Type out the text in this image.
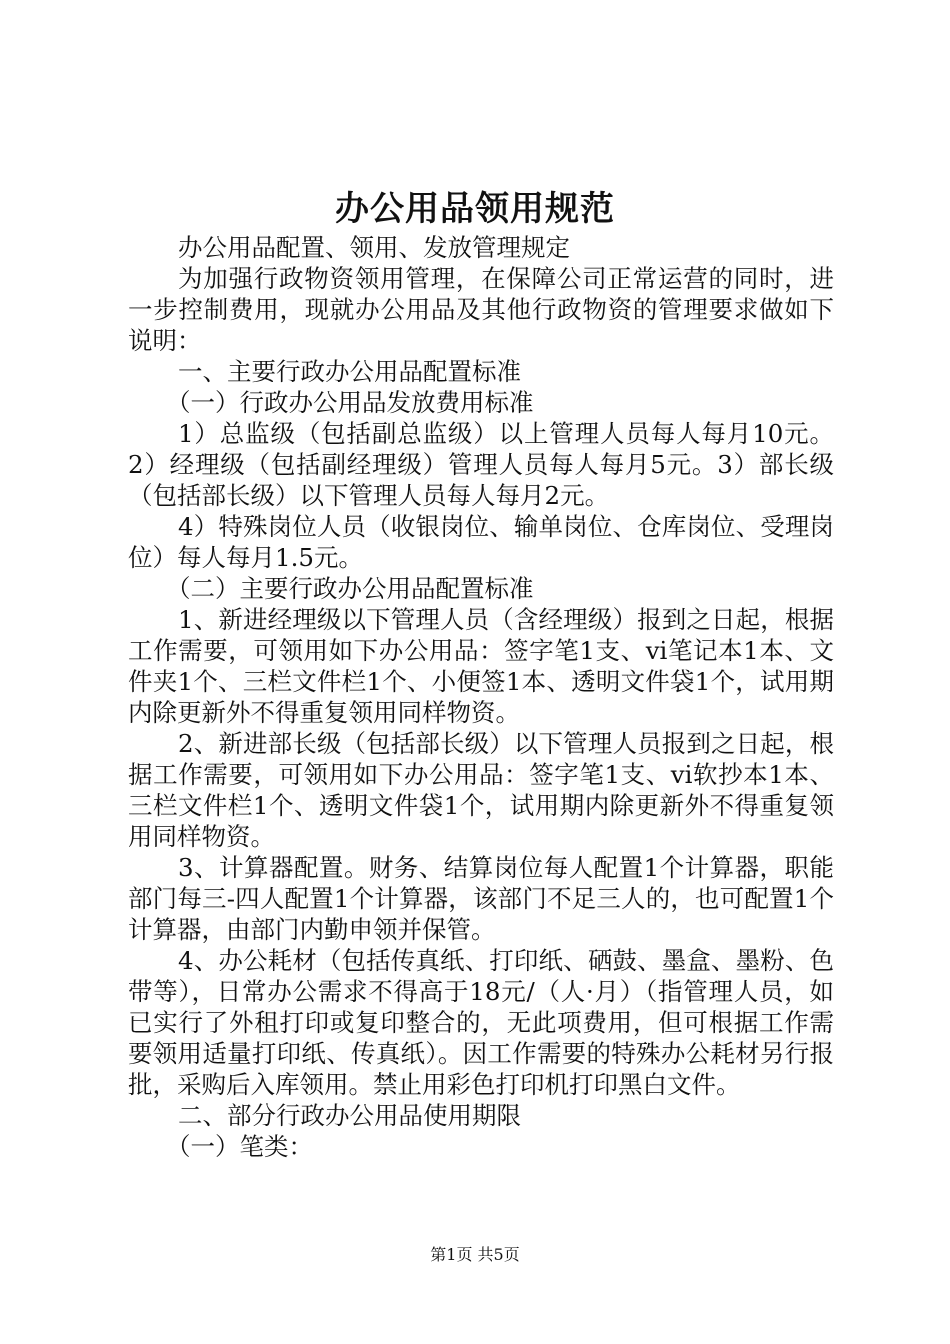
办公用品领用规范

办公用品配置、领用、发放管理规定

为加强行政物资领用管理，在保障公司正常运营的同时，进一步控制费用，现就办公用品及其他行政物资的管理要求做如下说明：

一、主要行政办公用品配置标准

（一）行政办公用品发放费用标准

1）总监级（包括副总监级）以上管理人员每人每月10元。2）经理级（包括副经理级）管理人员每人每月5元。3）部长级（包括部长级）以下管理人员每人每月2元。

4）特殊岗位人员（收银岗位、输单岗位、仓库岗位、受理岗位）每人每月1.5元。

（二）主要行政办公用品配置标准

1、新进经理级以下管理人员（含经理级）报到之日起，根据工作需要，可领用如下办公用品：签字笔1支、vi笔记本1本、文件夹1个、三栏文件栏1个、小便签1本、透明文件袋1个，试用期内除更新外不得重复领用同样物资。

2、新进部长级（包括部长级）以下管理人员报到之日起，根据工作需要，可领用如下办公用品：签字笔1支、vi软抄本1本、三栏文件栏1个、透明文件袋1个，试用期内除更新外不得重复领用同样物资。

3、计算器配置。财务、结算岗位每人配置1个计算器，职能部门每三-四人配置1个计算器，该部门不足三人的，也可配置1个计算器，由部门内勤申领并保管。

4、办公耗材（包括传真纸、打印纸、硒鼓、墨盒、墨粉、色带等），日常办公需求不得高于18元/（人·月）（指管理人员，如已实行了外租打印或复印整合的，无此项费用，但可根据工作需要领用适量打印纸、传真纸）。因工作需要的特殊办公耗材另行报批，采购后入库领用。禁止用彩色打印机打印黑白文件。

二、部分行政办公用品使用期限

（一）笔类：

第1页 共5页
